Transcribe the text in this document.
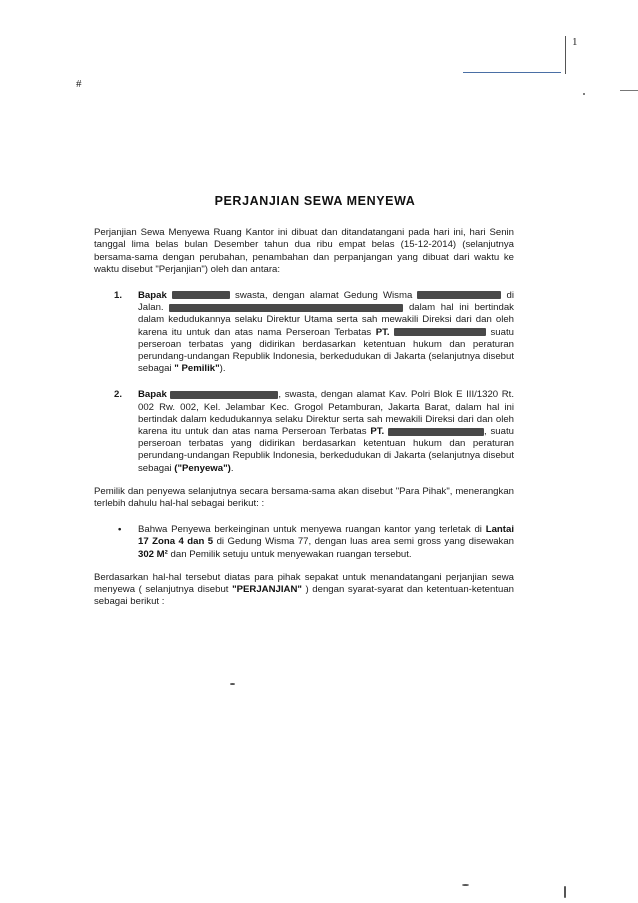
1
#
PERJANJIAN SEWA MENYEWA

Perjanjian Sewa Menyewa Ruang Kantor ini dibuat dan ditandatangani pada hari ini, hari Senin tanggal lima belas bulan Desember tahun dua ribu empat belas (15-12-2014) (selanjutnya bersama-sama dengan perubahan, penambahan dan perpanjangan yang dibuat dari waktu ke waktu disebut "Perjanjian") oleh dan antara:

1. Bapak	swasta, dengan alamat Gedung Wisma	di Jalan.	dalam hal ini bertindak dalam kedudukannya selaku Direktur Utama serta sah mewakili Direksi dari dan oleh karena itu untuk dan atas nama Perseroan Terbatas PT.	suatu perseroan terbatas yang didirikan berdasarkan ketentuan hukum dan peraturan perundang-undangan Republik Indonesia, berkedudukan di Jakarta (selanjutnya disebut sebagai " Pemilik").
2. Bapak	, swasta, dengan alamat Kav. Polri Blok E III/1320 Rt. 002 Rw. 002, Kel. Jelambar Kec. Grogol Petamburan, Jakarta Barat, dalam hal ini bertindak dalam kedudukannya selaku Direktur serta sah mewakili Direksi dari dan oleh karena itu untuk dan atas nama Perseroan Terbatas PT.	, suatu perseroan terbatas yang didirikan berdasarkan ketentuan hukum dan peraturan perundang-undangan Republik Indonesia, berkedudukan di Jakarta (selanjutnya disebut sebagai ("Penyewa").

Pemilik dan penyewa selanjutnya secara bersama-sama akan disebut "Para Pihak", menerangkan terlebih dahulu hal-hal sebagai berikut: :

• Bahwa Penyewa berkeinginan untuk menyewa ruangan kantor yang terletak di Lantai 17 Zona 4 dan 5 di Gedung Wisma 77, dengan luas area semi gross yang disewakan 302 M² dan Pemilik setuju untuk menyewakan ruangan tersebut.

Berdasarkan hal-hal tersebut diatas para pihak sepakat untuk menandatangani perjanjian sewa menyewa ( selanjutnya disebut "PERJANJIAN" ) dengan syarat-syarat dan ketentuan-ketentuan sebagai berikut :
